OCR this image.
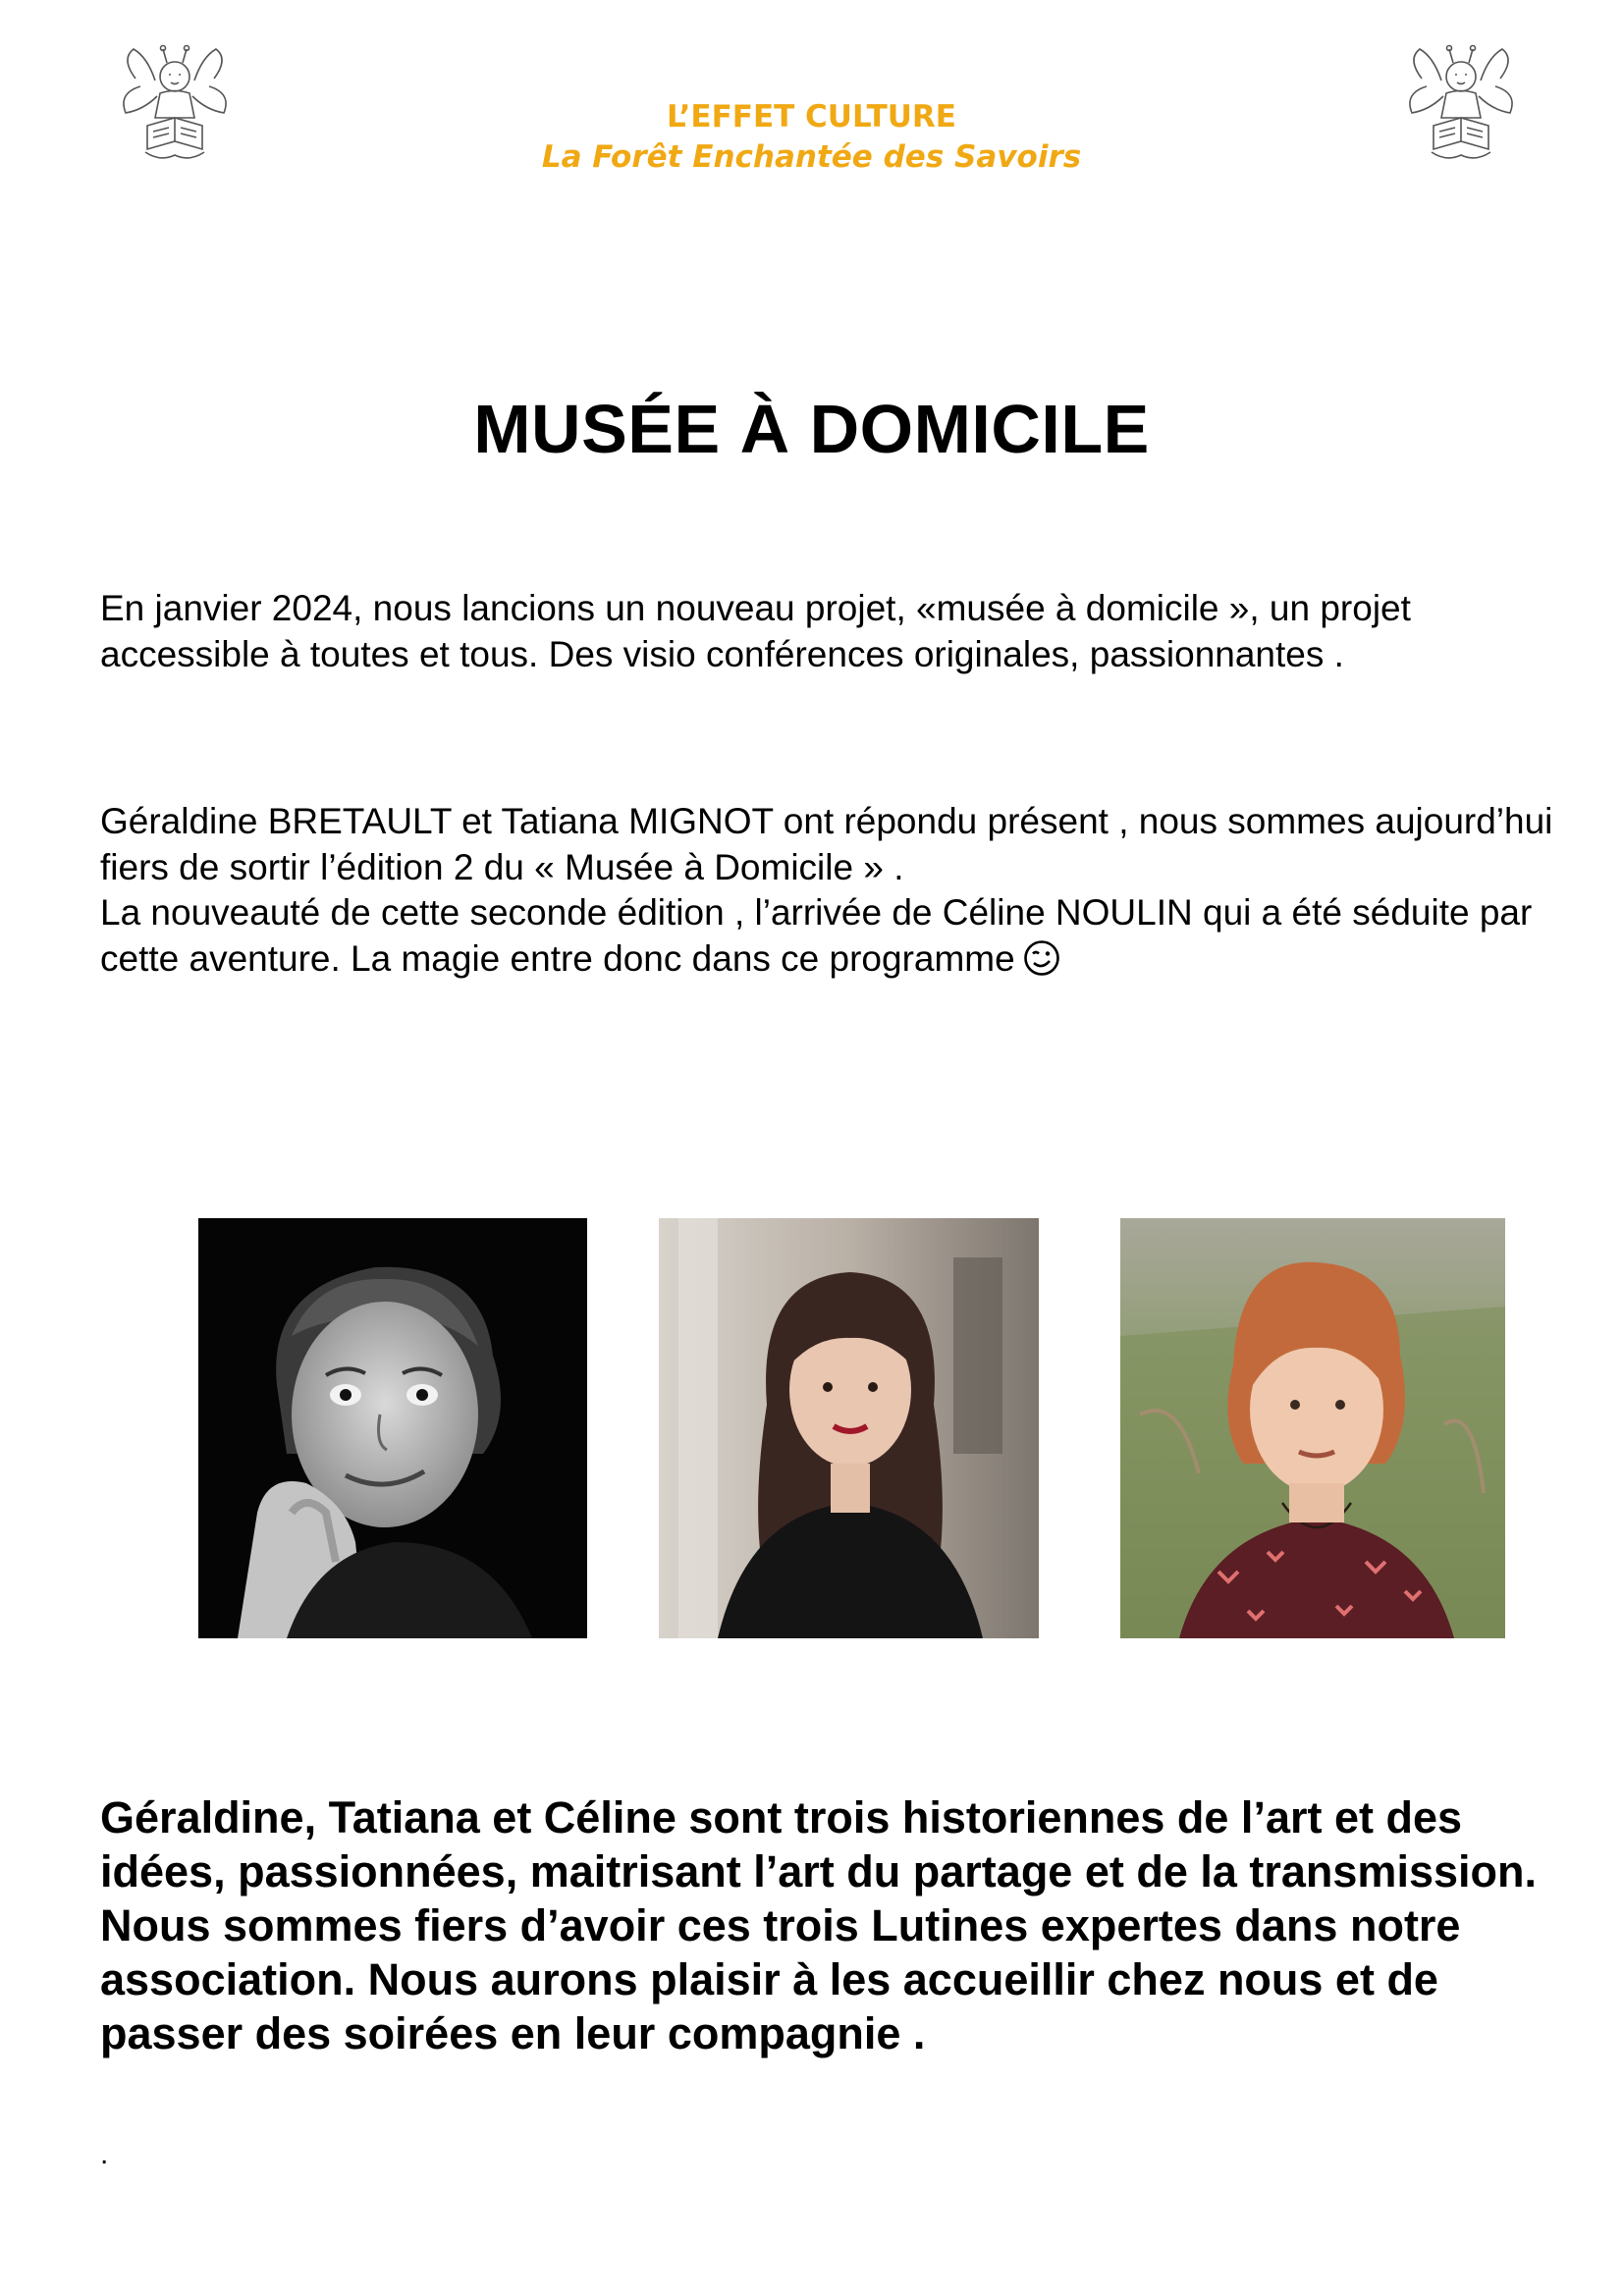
L’EFFET CULTURE
La Forêt Enchantée des Savoirs
MUSÉE À DOMICILE

En janvier 2024, nous lancions un nouveau projet, «musée à domicile », un projet accessible à toutes et tous. Des visio conférences originales, passionnantes .

Géraldine BRETAULT et Tatiana MIGNOT ont répondu présent , nous sommes aujourd’hui fiers de sortir l’édition 2 du « Musée à Domicile » .

La nouveauté de cette seconde édition , l’arrivée de Céline NOULIN qui a été séduite par cette aventure. La magie entre donc dans ce programme

Géraldine, Tatiana et Céline sont trois historiennes de l’art et des idées, passionnées, maitrisant l’art du partage et de la transmission. Nous sommes fiers d’avoir ces trois Lutines expertes dans notre association. Nous aurons plaisir à les accueillir chez nous et de passer des soirées en leur compagnie .

.
